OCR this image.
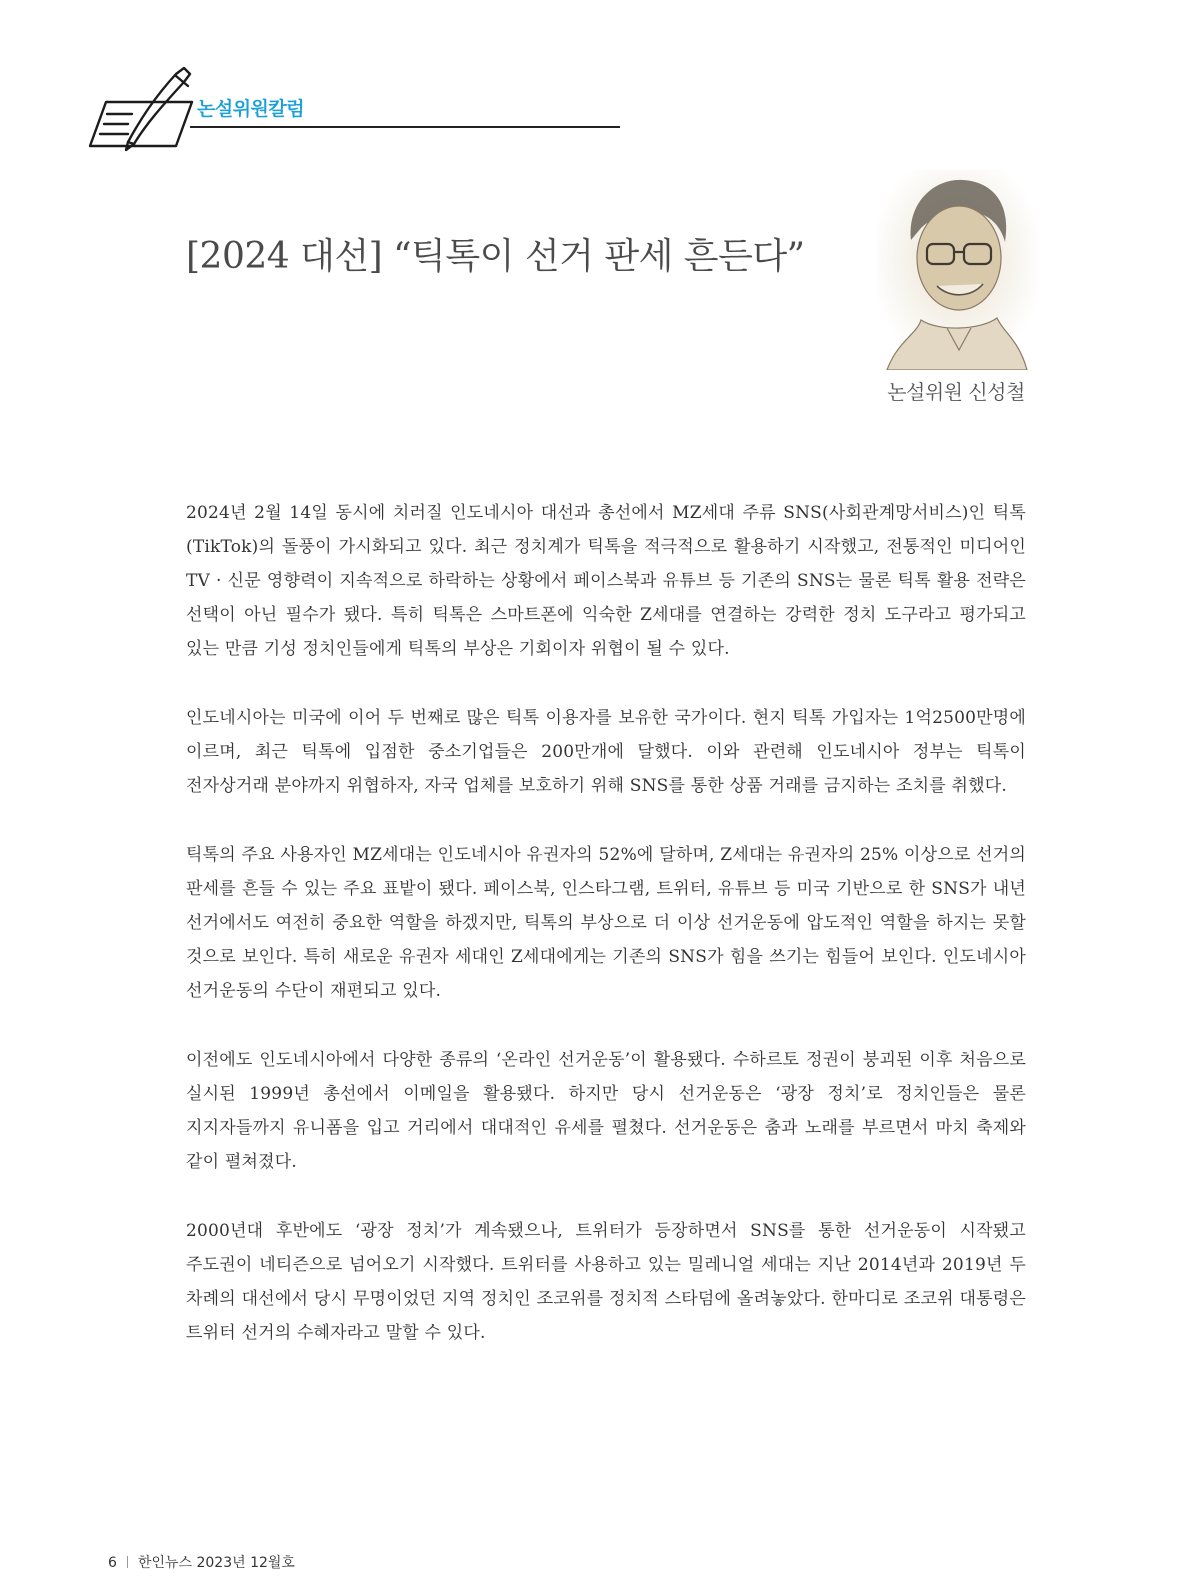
논설위원칼럼
[2024 대선] “틱톡이 선거 판세 흔든다”
논설위원 신성철

2024년 2월 14일 동시에 치러질 인도네시아 대선과 총선에서 MZ세대 주류 SNS(사회관계망서비스)인 틱톡(TikTok)의 돌풍이 가시화되고 있다. 최근 정치계가 틱톡을 적극적으로 활용하기 시작했고, 전통적인 미디어인 TV · 신문 영향력이 지속적으로 하락하는 상황에서 페이스북과 유튜브 등 기존의 SNS는 물론 틱톡 활용 전략은 선택이 아닌 필수가 됐다. 특히 틱톡은 스마트폰에 익숙한 Z세대를 연결하는 강력한 정치 도구라고 평가되고 있는 만큼 기성 정치인들에게 틱톡의 부상은 기회이자 위협이 될 수 있다.

인도네시아는 미국에 이어 두 번째로 많은 틱톡 이용자를 보유한 국가이다. 현지 틱톡 가입자는 1억2500만명에 이르며, 최근 틱톡에 입점한 중소기업들은 200만개에 달했다. 이와 관련해 인도네시아 정부는 틱톡이 전자상거래 분야까지 위협하자, 자국 업체를 보호하기 위해 SNS를 통한 상품 거래를 금지하는 조치를 취했다.

틱톡의 주요 사용자인 MZ세대는 인도네시아 유권자의 52%에 달하며, Z세대는 유권자의 25% 이상으로 선거의 판세를 흔들 수 있는 주요 표밭이 됐다. 페이스북, 인스타그램, 트위터, 유튜브 등 미국 기반으로 한 SNS가 내년 선거에서도 여전히 중요한 역할을 하겠지만, 틱톡의 부상으로 더 이상 선거운동에 압도적인 역할을 하지는 못할 것으로 보인다. 특히 새로운 유권자 세대인 Z세대에게는 기존의 SNS가 힘을 쓰기는 힘들어 보인다. 인도네시아 선거운동의 수단이 재편되고 있다.

이전에도 인도네시아에서 다양한 종류의 ‘온라인 선거운동’이 활용됐다. 수하르토 정권이 붕괴된 이후 처음으로 실시된 1999년 총선에서 이메일을 활용됐다. 하지만 당시 선거운동은 ‘광장 정치’로 정치인들은 물론 지지자들까지 유니폼을 입고 거리에서 대대적인 유세를 펼쳤다. 선거운동은 춤과 노래를 부르면서 마치 축제와 같이 펼쳐졌다.

2000년대 후반에도 ‘광장 정치’가 계속됐으나, 트위터가 등장하면서 SNS를 통한 선거운동이 시작됐고 주도권이 네티즌으로 넘어오기 시작했다. 트위터를 사용하고 있는 밀레니얼 세대는 지난 2014년과 2019년 두 차례의 대선에서 당시 무명이었던 지역 정치인 조코위를 정치적 스타덤에 올려놓았다. 한마디로 조코위 대통령은 트위터 선거의 수혜자라고 말할 수 있다.

6 한인뉴스 2023년 12월호
